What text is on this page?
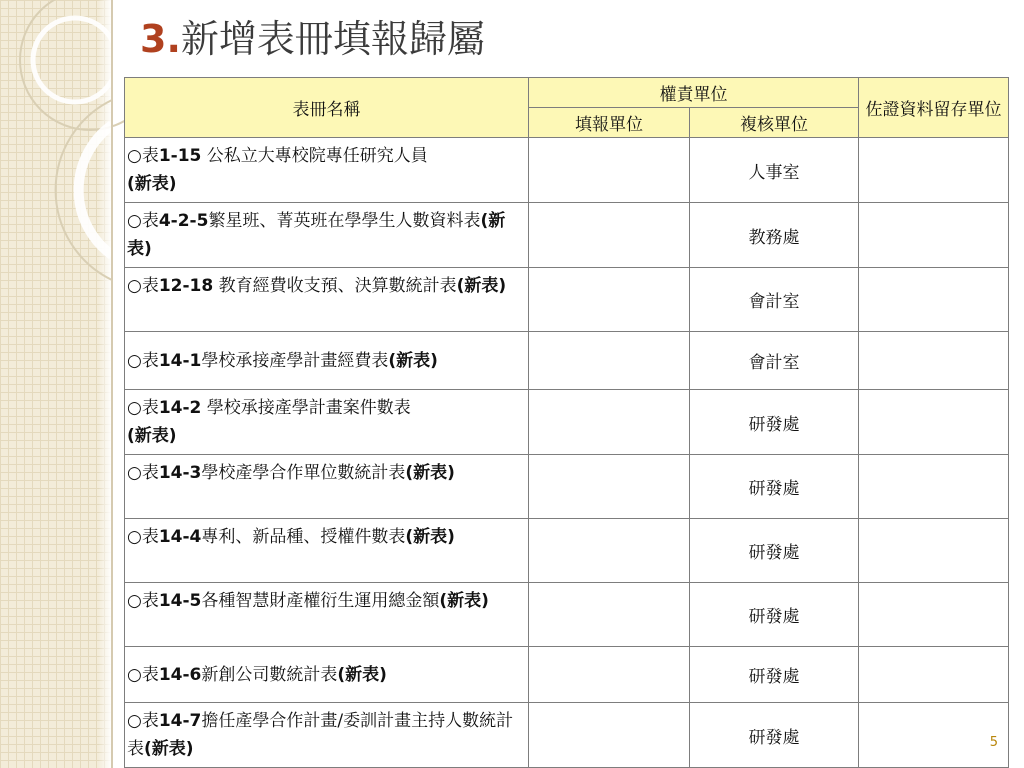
3.新增表冊填報歸屬
表冊名稱	權責單位		佐證資料留存單位
	填報單位	複核單位	
○表1-15 公私立大專校院專任研究人員
(新表)		人事室	
○表4-2-5繁星班、菁英班在學學生人數資料表(新表)		教務處	
○表12-18 教育經費收支預、決算數統計表(新表)		會計室	
○表14-1學校承接產學計畫經費表(新表)		會計室	
○表14-2 學校承接產學計畫案件數表
(新表)		研發處	
○表14-3學校產學合作單位數統計表(新表)		研發處	
○表14-4專利、新品種、授權件數表(新表)		研發處	
○表14-5各種智慧財產權衍生運用總金額(新表)		研發處	
○表14-6新創公司數統計表(新表)		研發處	
○表14-7擔任產學合作計畫/委訓計畫主持人數統計表(新表)		研發處		5
